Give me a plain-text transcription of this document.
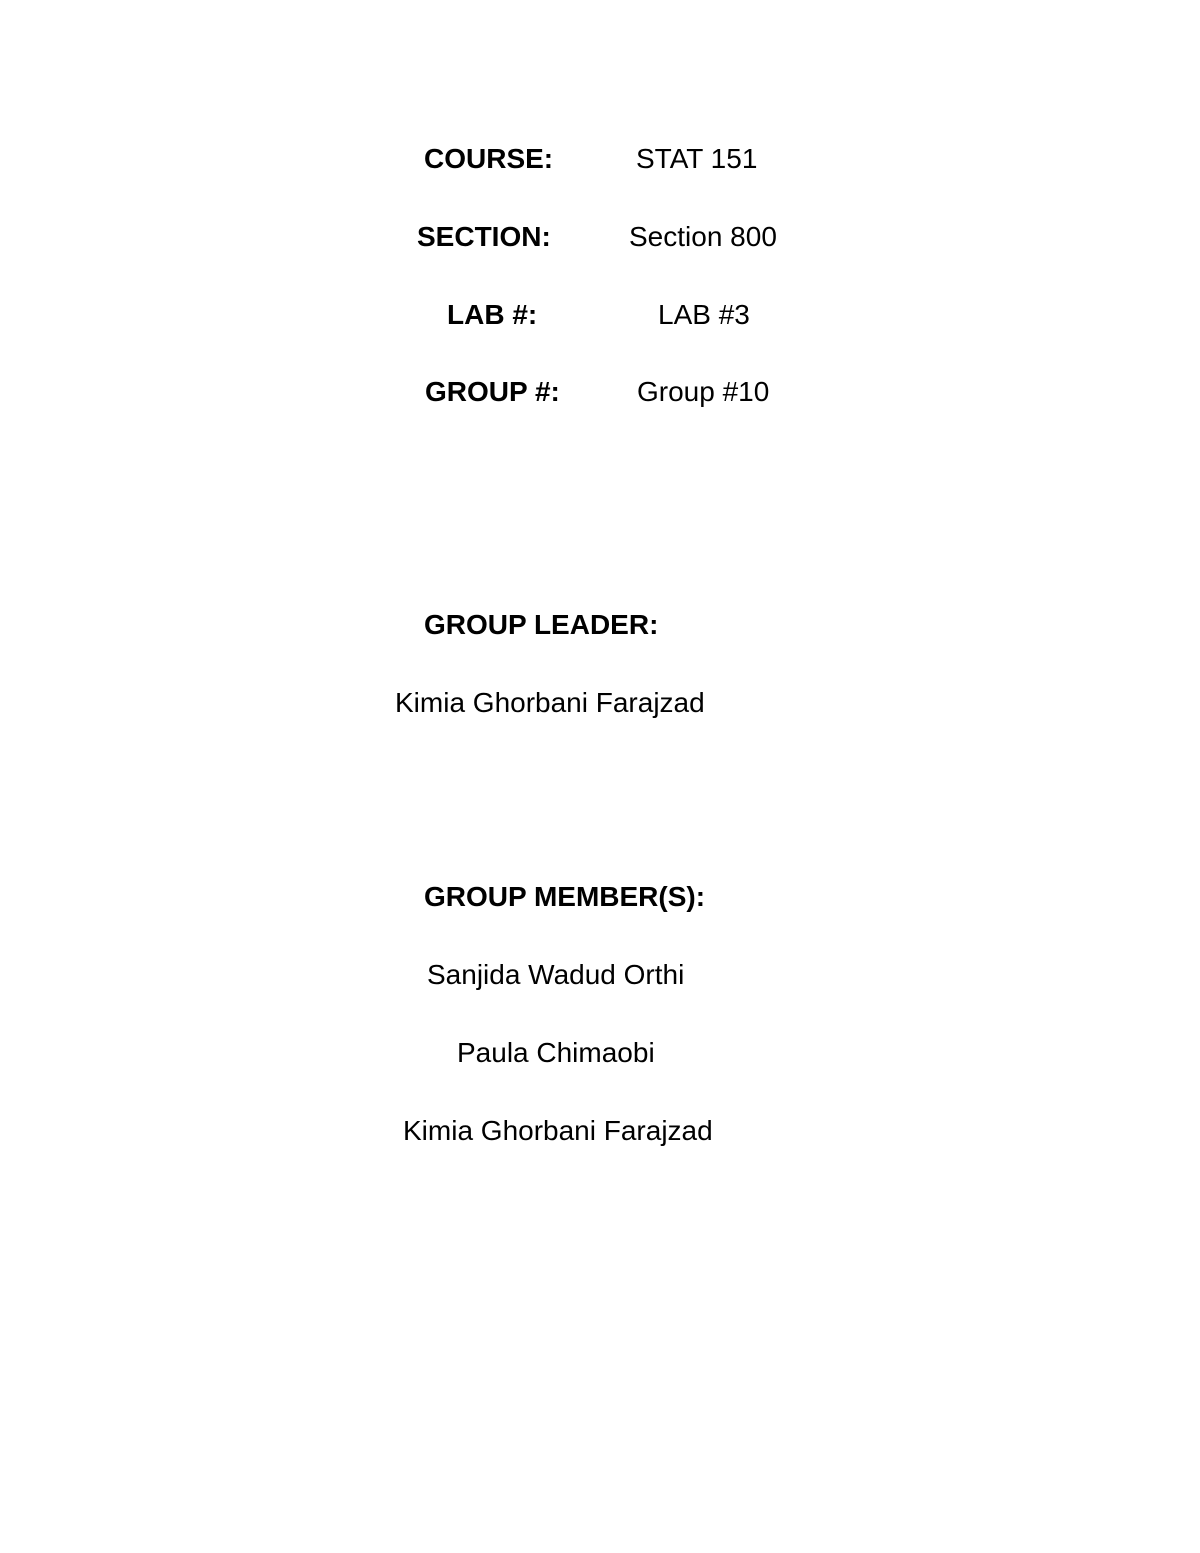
COURSE:	STAT 151
SECTION:	Section 800
LAB #:	LAB #3
GROUP #:	Group #10
GROUP LEADER:
Kimia Ghorbani Farajzad
GROUP MEMBER(S):
Sanjida Wadud Orthi
Paula Chimaobi
Kimia Ghorbani Farajzad
